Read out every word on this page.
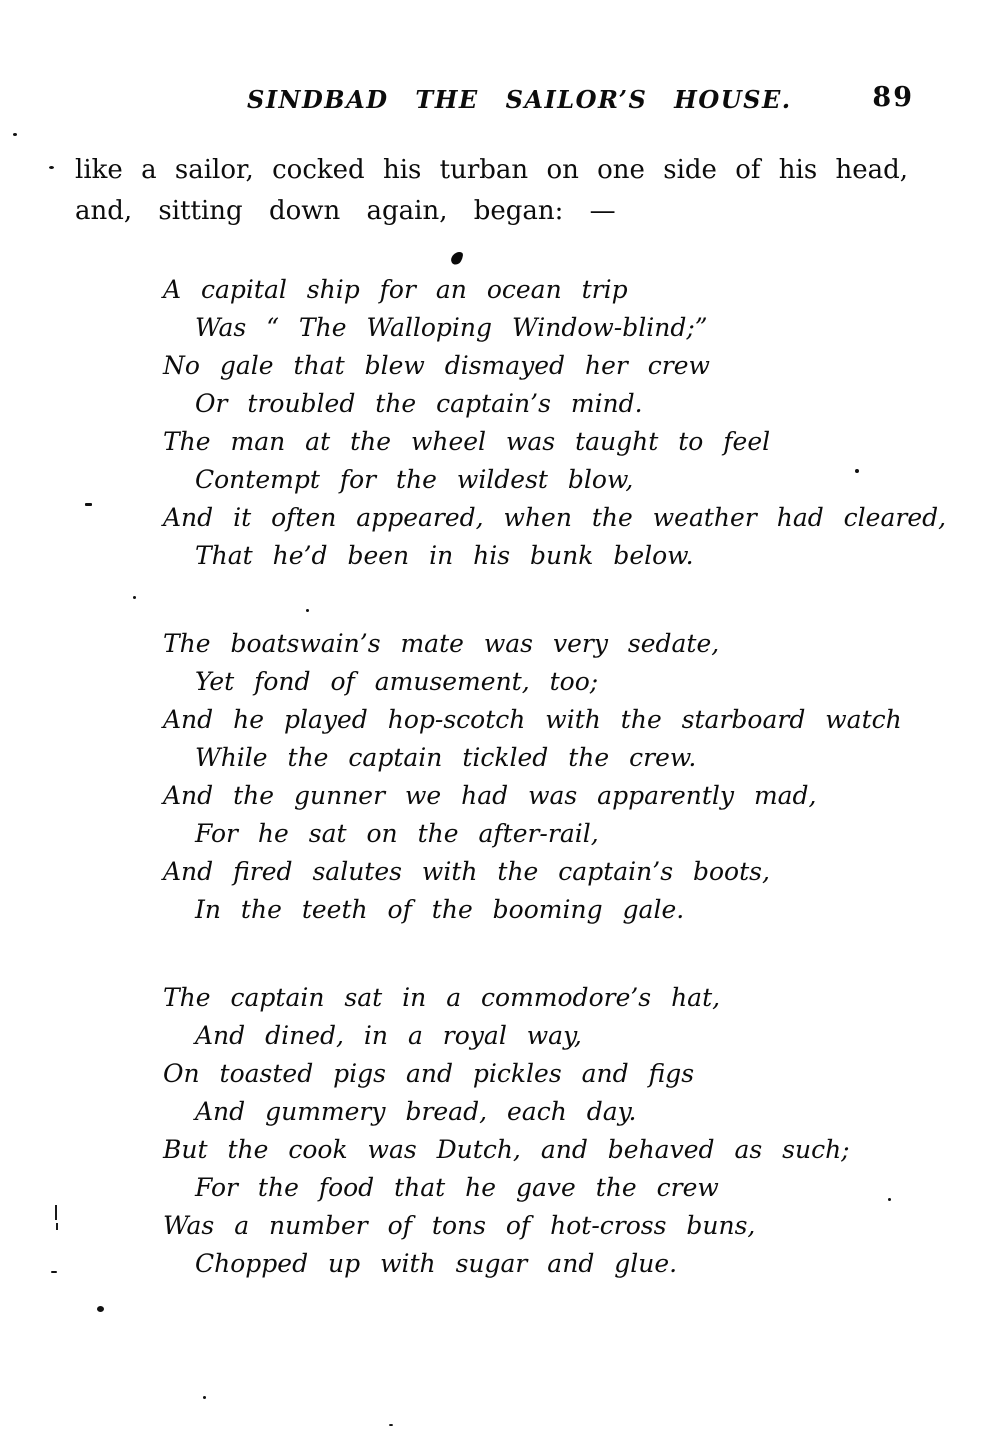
SINDBAD THE SAILOR’S HOUSE.	89
like a sailor, cocked his turban on one side of his head,
and, sitting down again, began: —
A capital ship for an ocean trip
Was “ The Walloping Window-blind;”
No gale that blew dismayed her crew
Or troubled the captain’s mind.
The man at the wheel was taught to feel
Contempt for the wildest blow,
And it often appeared, when the weather had cleared,
That he’d been in his bunk below.
The boatswain’s mate was very sedate,
Yet fond of amusement, too;
And he played hop-scotch with the starboard watch
While the captain tickled the crew.
And the gunner we had was apparently mad,
For he sat on the after-rail,
And fired salutes with the captain’s boots,
In the teeth of the booming gale.
The captain sat in a commodore’s hat,
And dined, in a royal way,
On toasted pigs and pickles and figs
And gummery bread, each day.
But the cook was Dutch, and behaved as such;
For the food that he gave the crew
Was a number of tons of hot-cross buns,
Chopped up with sugar and glue.
